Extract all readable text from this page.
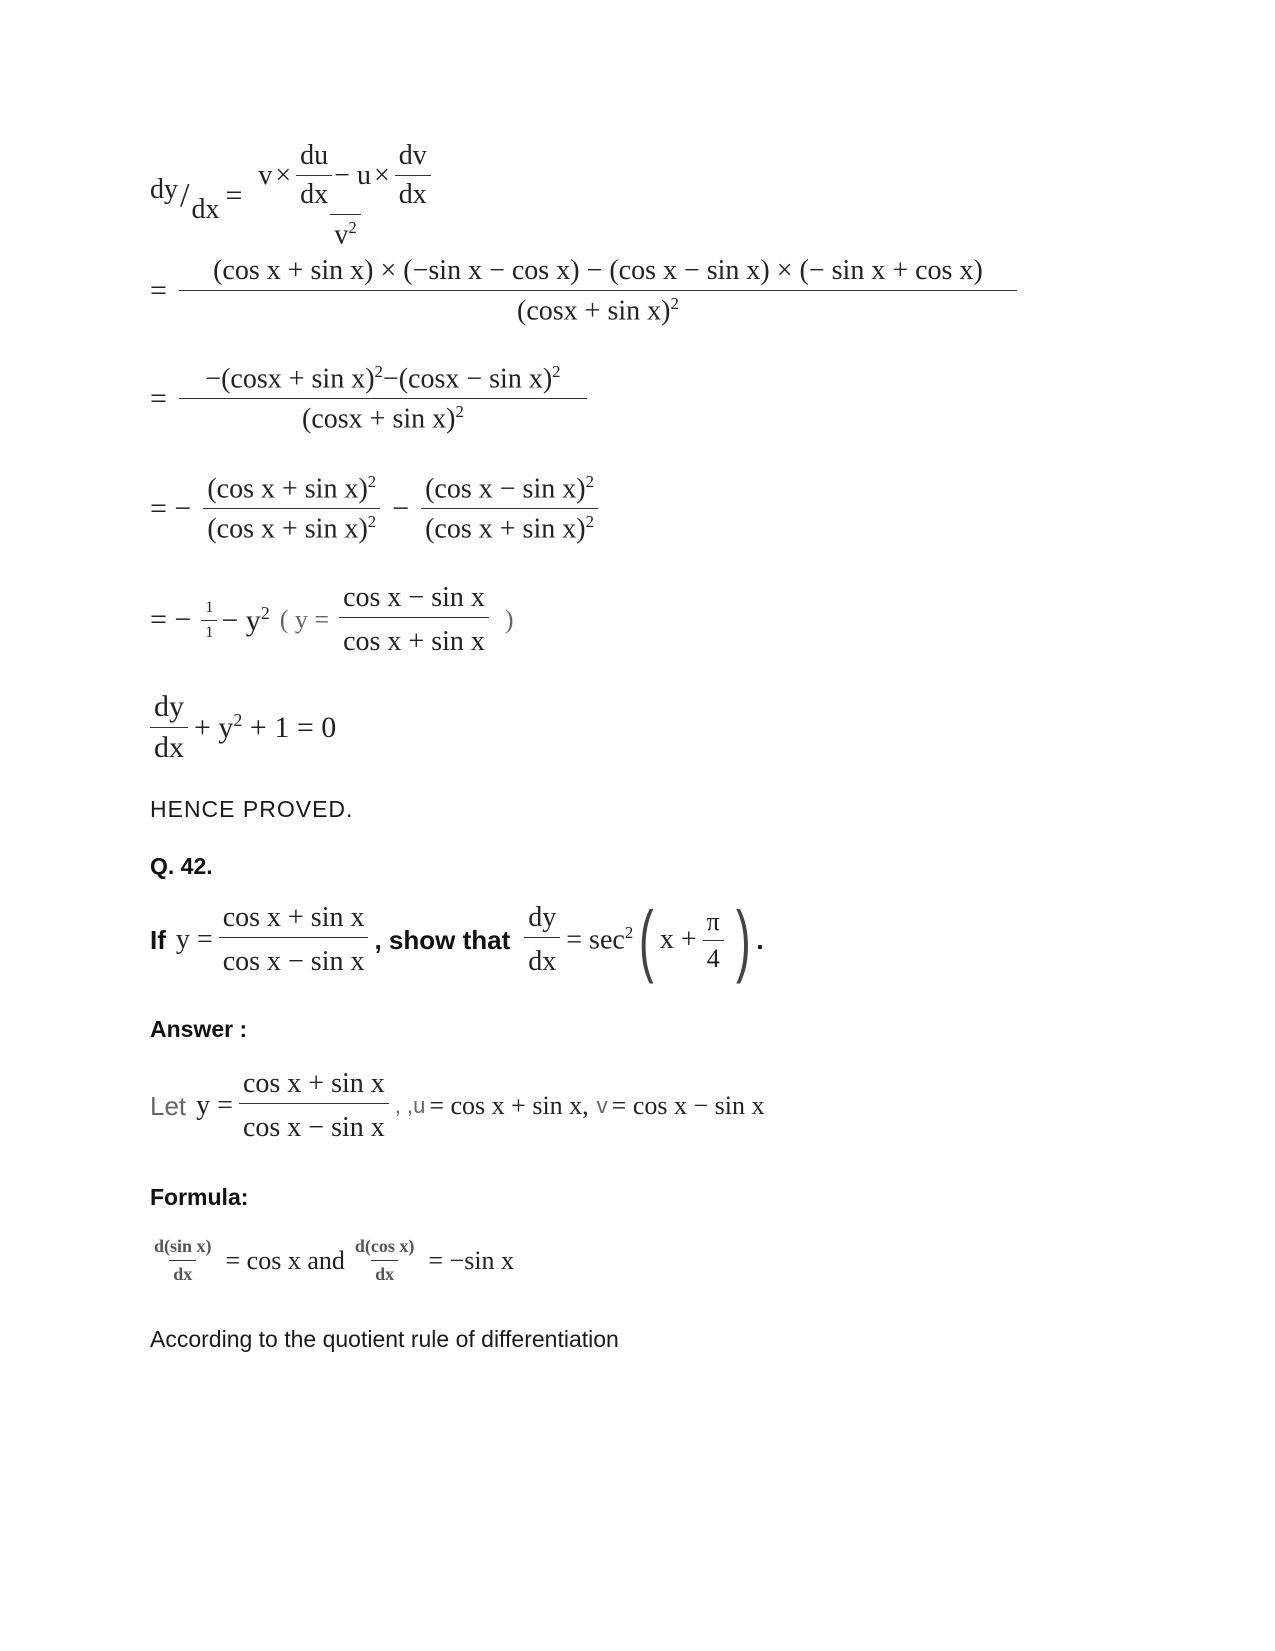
dy / dx = $\frac{v \times \frac{du}{dx} - u \times \frac{dv}{dx}}{v^2}$
=
(cos x + sin x) × (−sin x − cos x) − (cos x − sin x) × (− sin x + cos x)
$(\cos x + \sin x)^2$
= $\frac{-(\cos x + \sin x)^2-(\cos x - \sin x)^2}{(\cos x + \sin x)^2}$
= − $\frac{(\cos x + \sin x)^2}{(\cos x + \sin x)^2} - \frac{(\cos x - \sin x)^2}{(\cos x + \sin x)^2}$
= − $\frac{1}{1} - y^2$ ( $y = \frac{\text{cos x − sin x}}{\text{cos x + sin x}}$ )
$\frac{dy}{dx} + y^2 + 1 = 0$
HENCE PROVED.
Q. 42.
If $y = \frac{\text{cos x + sin x}}{\text{cos x − sin x}}$ , show that $\frac{dy}{dx} = \sec^2$ ( $x + \frac{\pi}{4}$ ) .
Answer :
Let $y = \frac{\text{cos x + sin x}}{\text{cos x − sin x}}$ , , u = cos x + sin x, v = cos x − sin x
Formula:
$\frac{\text{d(sin x)}}{dx} = \cos x$ and $\frac{\text{d(cos x)}}{dx} = -\sin$ x
According to the quotient rule of differentiation
